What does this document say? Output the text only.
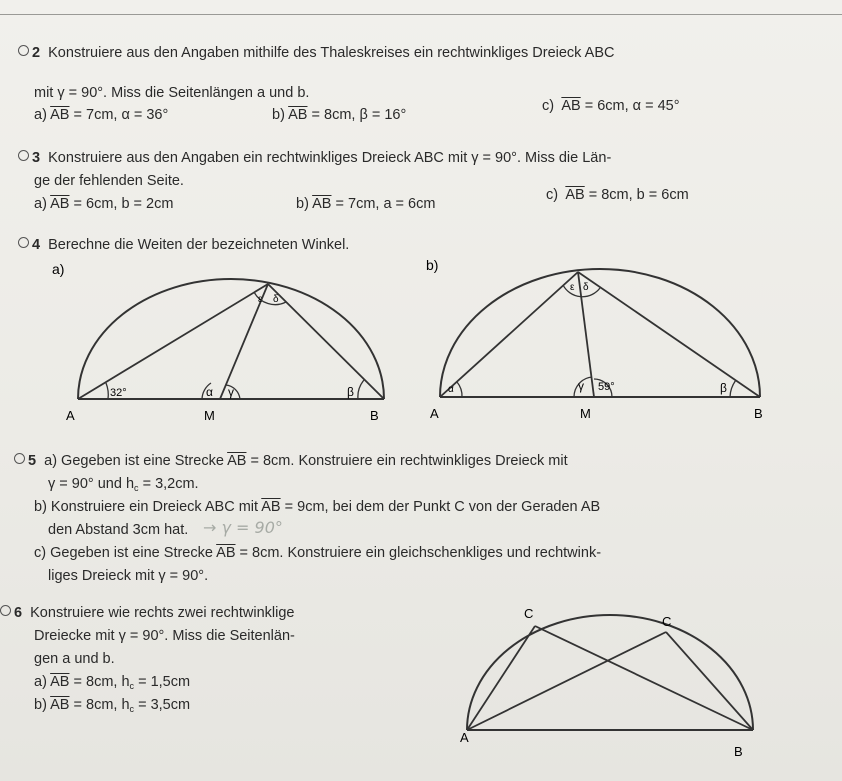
2 Konstruiere aus den Angaben mithilfe des Thaleskreises ein rechtwinkliges Dreieck ABC
mit γ = 90°. Miss die Seitenlängen a und b.
a) $\overline{AB} = 7cm$, α = 36°	b) $\overline{AB} = 8cm$, β = 16°
c) $\overline{AB} = 6cm$, α = 45°
3 Konstruiere aus den Angaben ein rechtwinkliges Dreieck ABC mit γ = 90°. Miss die Län-
ge der fehlenden Seite.
a) $\overline{AB} = 6cm$, b = 2cm	b) $\overline{AB} = 7cm$, a = 6cm
c) $\overline{AB} = 8cm$, b = 6cm
4 Berechne die Weiten der bezeichneten Winkel.
a)
32°	α γ	β
ε δ
A	M	B
b)
α	γ 59°	β
ε δ
A	M	B
5 a) Gegeben ist eine Strecke $\overline{AB} = 8cm$. Konstruiere ein rechtwinkliges Dreieck mit
γ = 90° und $h_c = 3,2cm$.
b) Konstruiere ein Dreieck ABC mit $\overline{AB} = 9cm$, bei dem der Punkt C von der Geraden AB
den Abstand 3cm hat. → γ = 90°
c) Gegeben ist eine Strecke $\overline{AB} = 8cm$. Konstruiere ein gleichschenkliges und rechtwink-
liges Dreieck mit γ = 90°.
6 Konstruiere wie rechts zwei rechtwinklige
Dreiecke mit γ = 90°. Miss die Seitenlän-
gen a und b.
a) $\overline{AB} = 8cm$, $h_c = 1,5cm$
b) $\overline{AB} = 8cm$, $h_c = 3,5cm$
C
C
A
B
